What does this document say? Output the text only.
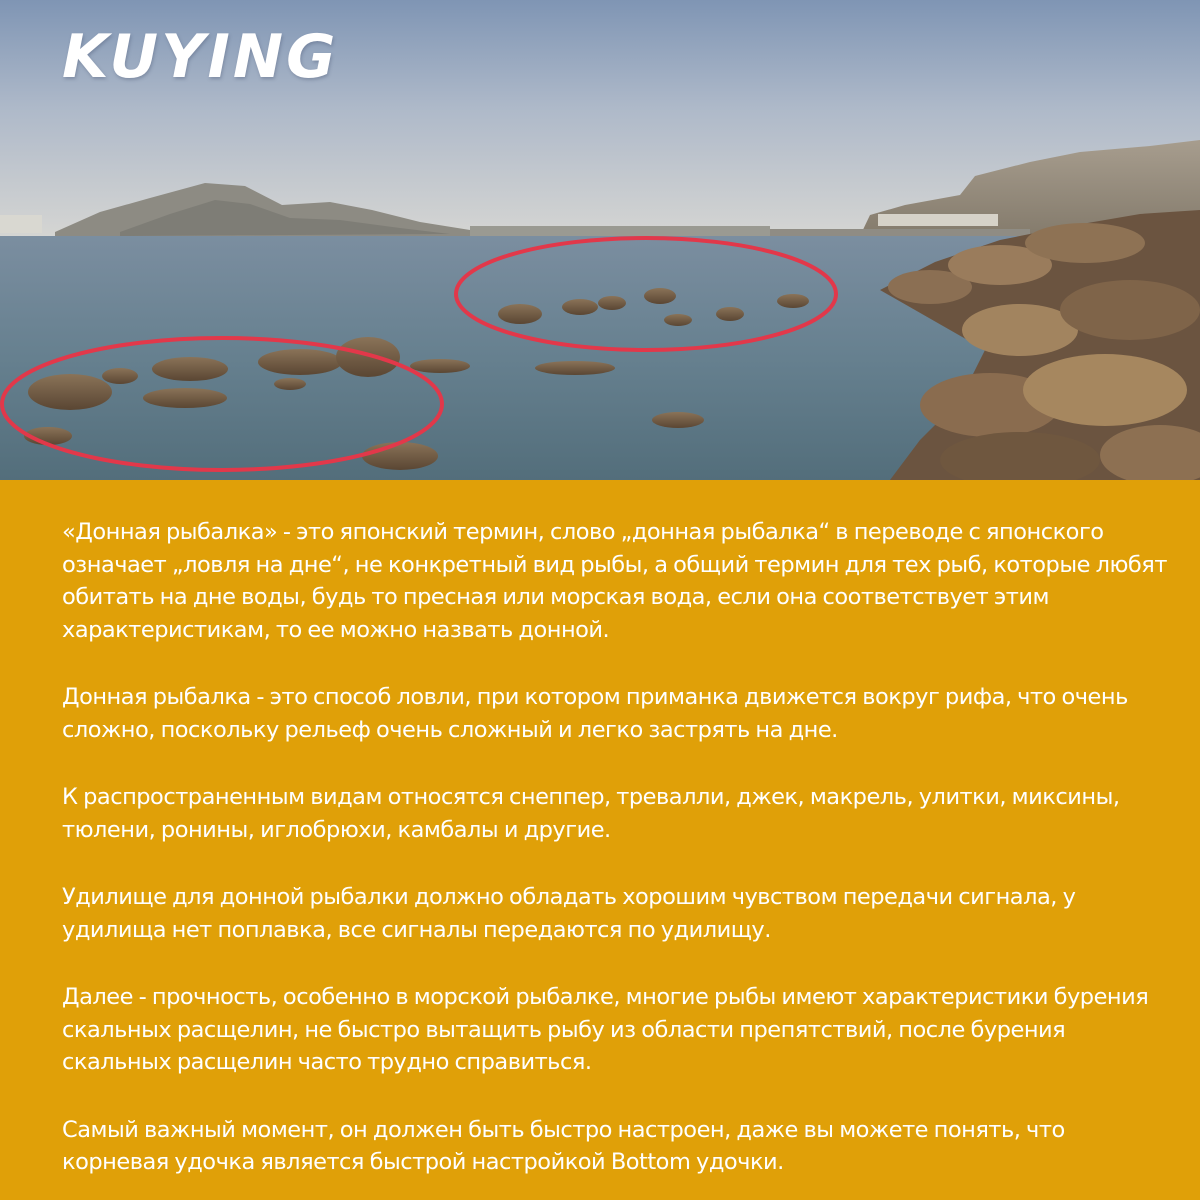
KUYING

«Донная рыбалка» - это японский термин, слово „донная рыбалка“ в переводе с японского означает „ловля на дне“, не конкретный вид рыбы, а общий термин для тех рыб, которые любят обитать на дне воды, будь то пресная или морская вода, если она соответствует этим характеристикам, то ее можно назвать донной.

Донная рыбалка - это способ ловли, при котором приманка движется вокруг рифа, что очень сложно, поскольку рельеф очень сложный и легко застрять на дне.

К распространенным видам относятся снеппер, тревалли, джек, макрель, улитки, миксины, тюлени, ронины, иглобрюхи, камбалы и другие.

Удилище для донной рыбалки должно обладать хорошим чувством передачи сигнала, у удилища нет поплавка, все сигналы передаются по удилищу.

Далее - прочность, особенно в морской рыбалке, многие рыбы имеют характеристики бурения скальных расщелин, не быстро вытащить рыбу из области препятствий, после бурения скальных расщелин часто трудно справиться.

Самый важный момент, он должен быть быстро настроен, даже вы можете понять, что корневая удочка является быстрой настройкой Bottom удочки.
